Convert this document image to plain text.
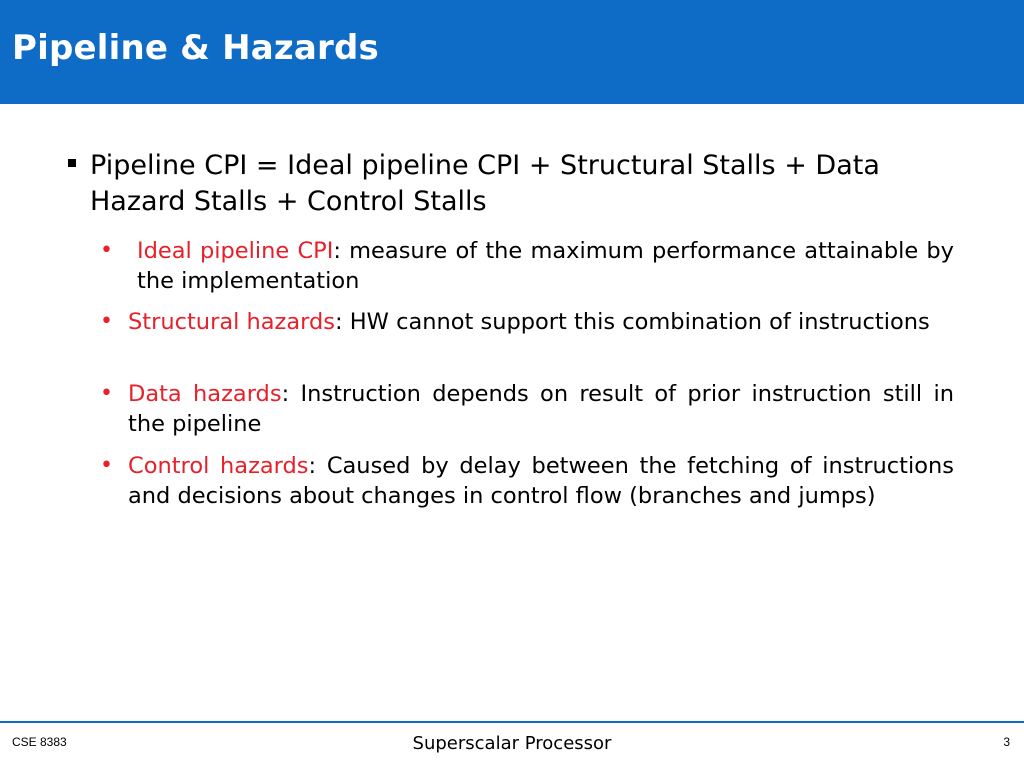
Pipeline & Hazards
Pipeline CPI = Ideal pipeline CPI + Structural Stalls + Data Hazard Stalls + Control Stalls
• Ideal pipeline CPI: measure of the maximum performance attainable by the implementation
• Structural hazards: HW cannot support this combination of instructions
• Data hazards: Instruction depends on result of prior instruction still in the pipeline
• Control hazards: Caused by delay between the fetching of instructions and decisions about changes in control flow (branches and jumps)
CSE 8383	Superscalar Processor	3
